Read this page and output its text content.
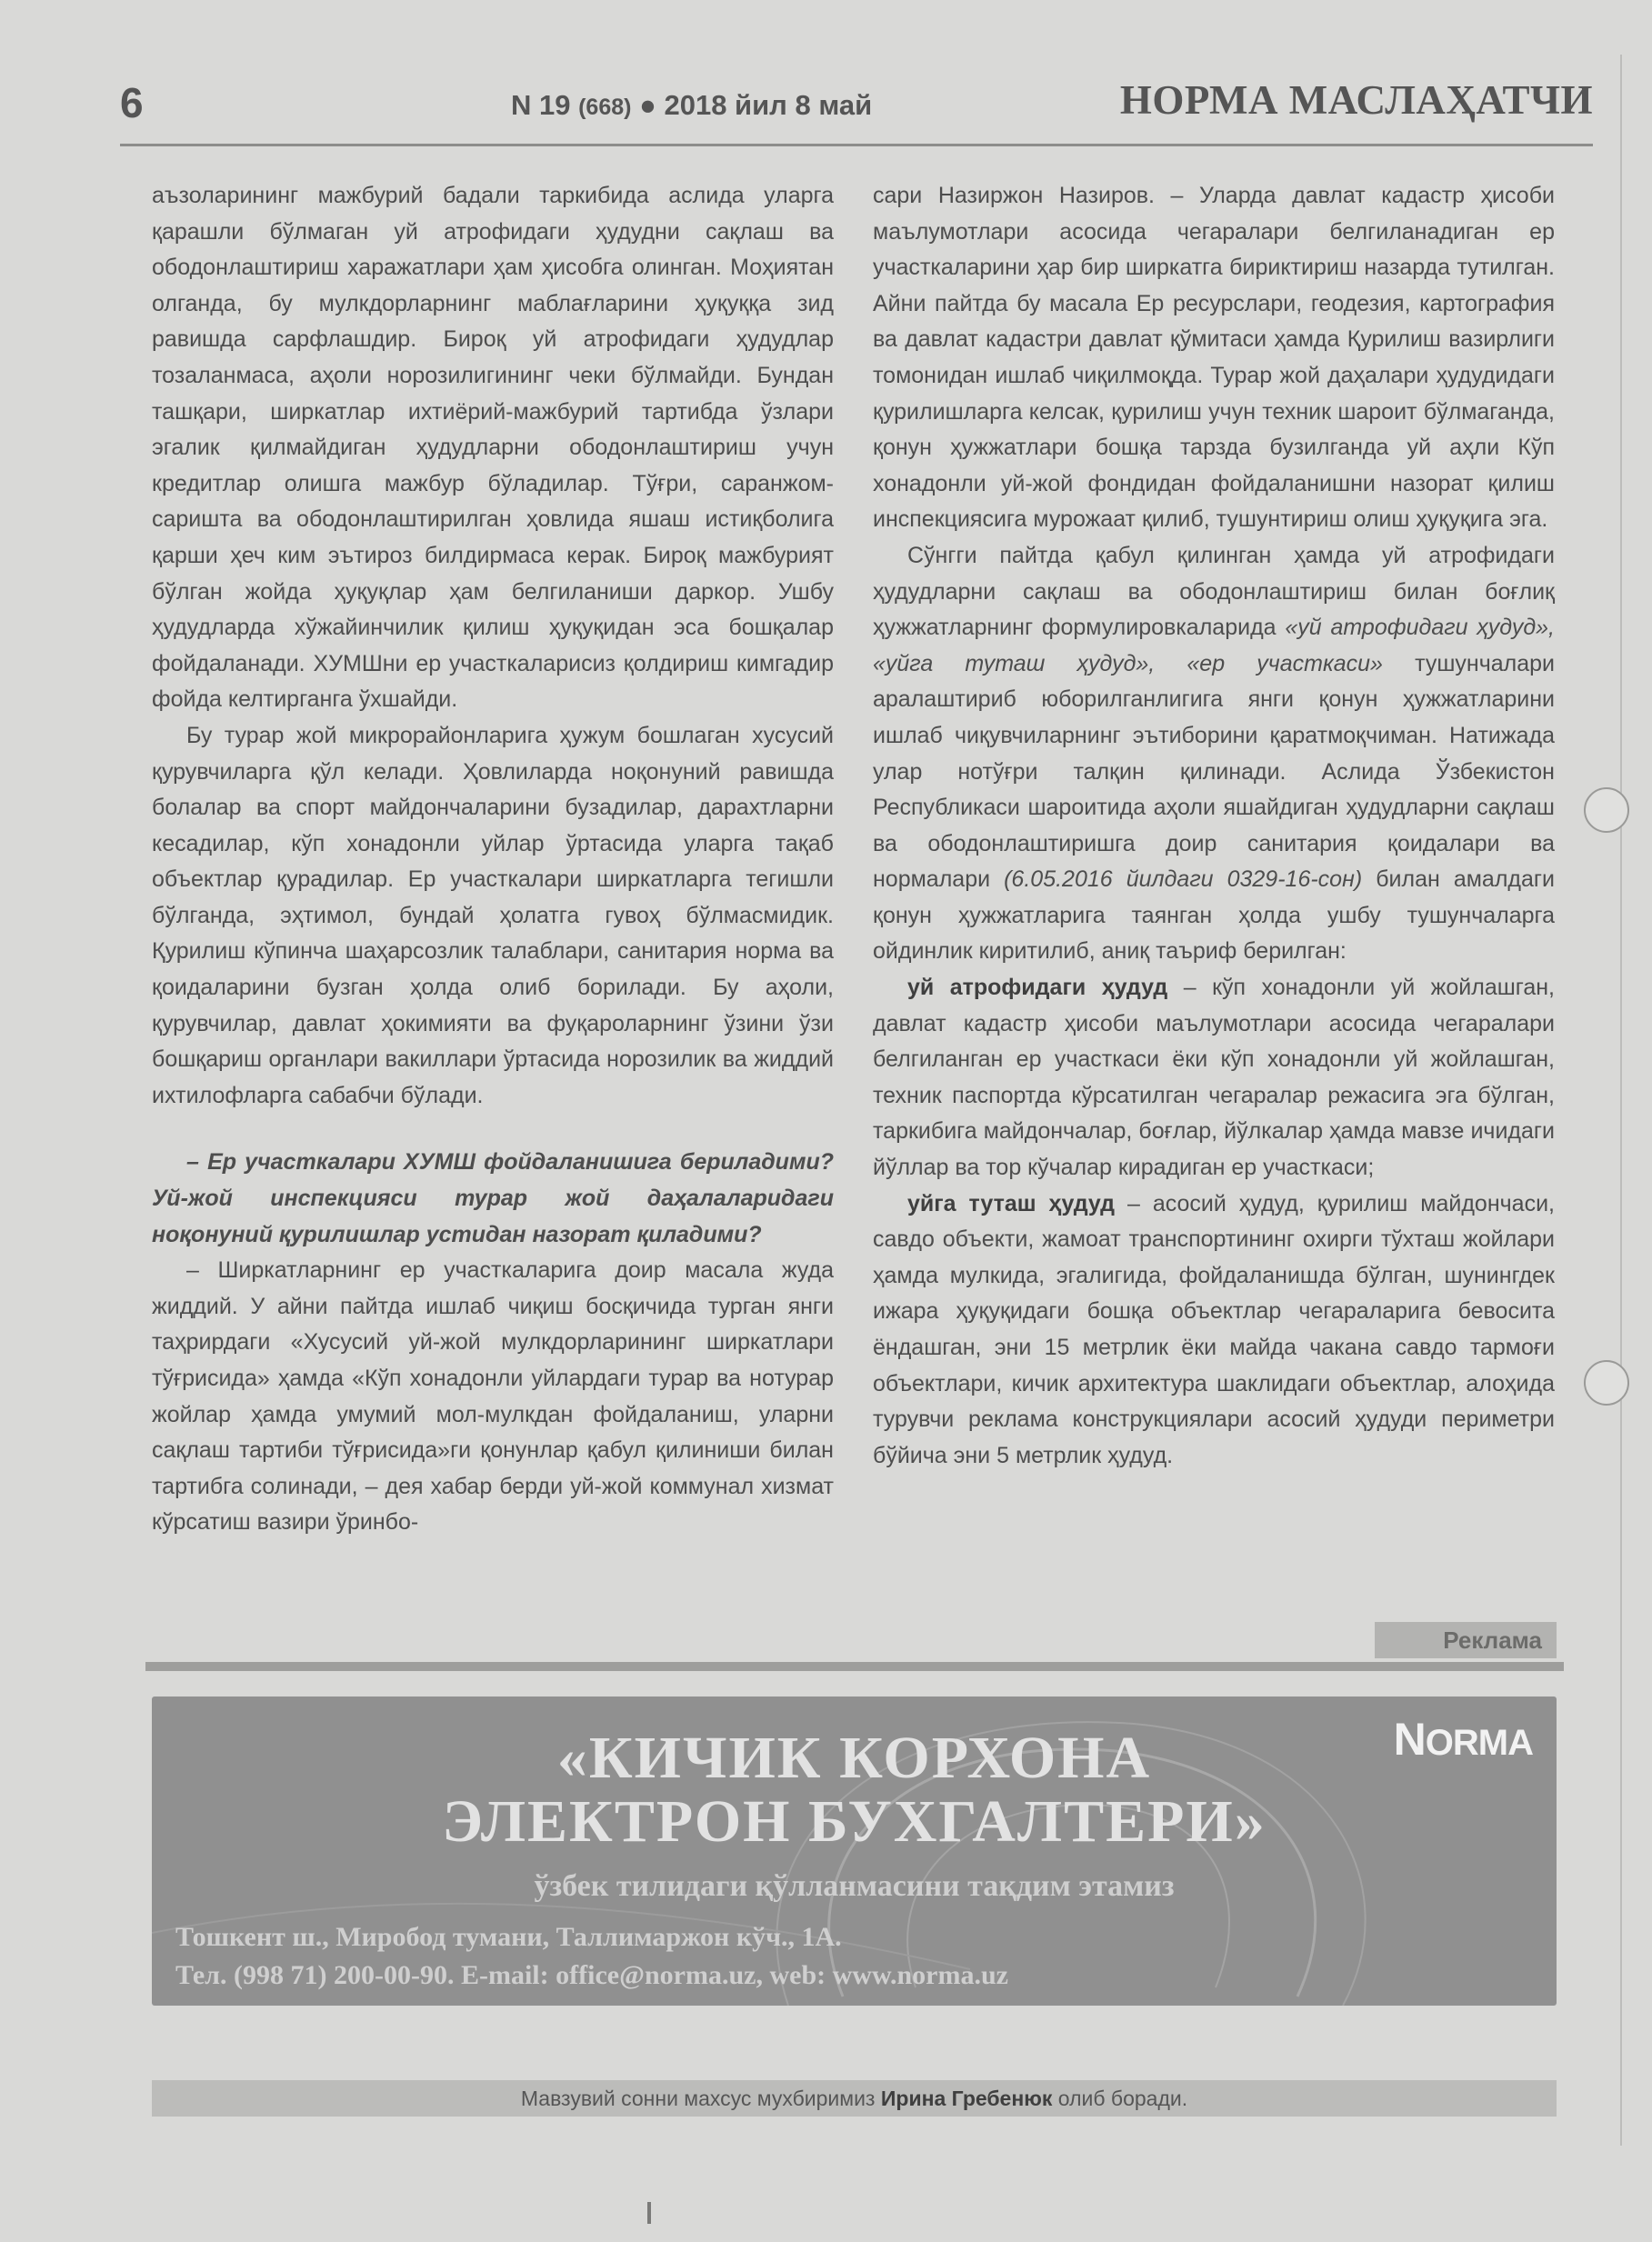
6	N 19 (668) ● 2018 йил 8 май	НОРМА МАСЛАҲАТЧИ

аъзоларининг мажбурий бадали таркибида аслида уларга қарашли бўлмаган уй атрофидаги ҳудудни сақлаш ва ободонлаштириш харажатлари ҳам ҳисобга олинган. Моҳиятан олганда, бу мулкдорларнинг маблағларини ҳуқуққа зид равишда сарфлашдир. Бироқ уй атрофидаги ҳудудлар тозаланмаса, аҳоли норозилигининг чеки бўлмайди. Бундан ташқари, ширкатлар ихтиёрий-мажбурий тартибда ўзлари эгалик қилмайдиган ҳудудларни ободонлаштириш учун кредитлар олишга мажбур бўладилар. Тўғри, саранжом-саришта ва ободонлаштирилган ҳовлида яшаш истиқболига қарши ҳеч ким эътироз билдирмаса керак. Бироқ мажбурият бўлган жойда ҳуқуқлар ҳам белгиланиши даркор. Ушбу ҳудудларда хўжайинчилик қилиш ҳуқуқидан эса бошқалар фойдаланади. ХУМШни ер участкаларисиз қолдириш кимгадир фойда келтирганга ўхшайди.

Бу турар жой микрорайонларига ҳужум бошлаган хусусий қурувчиларга қўл келади. Ҳовлиларда ноқонуний равишда болалар ва спорт майдончаларини бузадилар, дарахтларни кесадилар, кўп хонадонли уйлар ўртасида уларга тақаб объектлар қурадилар. Ер участкалари ширкатларга тегишли бўлганда, эҳтимол, бундай ҳолатга гувоҳ бўлмасмидик. Қурилиш кўпинча шаҳарсозлик талаблари, санитария норма ва қоидаларини бузган ҳолда олиб борилади. Бу аҳоли, қурувчилар, давлат ҳокимияти ва фуқароларнинг ўзини ўзи бошқариш органлари вакиллари ўртасида норозилик ва жиддий ихтилофларга сабабчи бўлади.

– Ер участкалари ХУМШ фойдаланишига бериладими? Уй-жой инспекцияси турар жой даҳалаларидаги ноқонуний қурилишлар устидан назорат қиладими?

– Ширкатларнинг ер участкаларига доир масала жуда жиддий. У айни пайтда ишлаб чиқиш босқичида турган янги таҳрирдаги «Хусусий уй-жой мулкдорларининг ширкатлари тўғрисида» ҳамда «Кўп хонадонли уйлардаги турар ва нотурар жойлар ҳамда умумий мол-мулкдан фойдаланиш, уларни сақлаш тартиби тўғрисида»ги қонунлар қабул қилиниши билан тартибга солинади, – дея хабар берди уй-жой коммунал хизмат кўрсатиш вазири ўринбо-

сари Назиржон Назиров. – Уларда давлат кадастр ҳисоби маълумотлари асосида чегаралари белгиланадиган ер участкаларини ҳар бир ширкатга бириктириш назарда тутилган. Айни пайтда бу масала Ер ресурслари, геодезия, картография ва давлат кадастри давлат қўмитаси ҳамда Қурилиш вазирлиги томонидан ишлаб чиқилмоқда. Турар жой даҳалари ҳудудидаги қурилишларга келсак, қурилиш учун техник шароит бўлмаганда, қонун ҳужжатлари бошқа тарзда бузилганда уй аҳли Кўп хонадонли уй-жой фондидан фойдаланишни назорат қилиш инспекциясига мурожаат қилиб, тушунтириш олиш ҳуқуқига эга.

Сўнгги пайтда қабул қилинган ҳамда уй атрофидаги ҳудудларни сақлаш ва ободонлаштириш билан боғлиқ ҳужжатларнинг формулировкаларида «уй атрофидаги ҳудуд», «уйга туташ ҳудуд», «ер участкаси» тушунчалари аралаштириб юборилганлигига янги қонун ҳужжатларини ишлаб чиқувчиларнинг эътиборини қаратмоқчиман. Натижада улар нотўғри талқин қилинади. Аслида Ўзбекистон Республикаси шароитида аҳоли яшайдиган ҳудудларни сақлаш ва ободонлаштиришга доир санитария қоидалари ва нормалари (6.05.2016 йилдаги 0329-16-сон) билан амалдаги қонун ҳужжатларига таянган ҳолда ушбу тушунчаларга ойдинлик киритилиб, аниқ таъриф берилган:

уй атрофидаги ҳудуд – кўп хонадонли уй жойлашган, давлат кадастр ҳисоби маълумотлари асосида чегаралари белгиланган ер участкаси ёки кўп хонадонли уй жойлашган, техник паспортда кўрсатилган чегаралар режасига эга бўлган, таркибига майдончалар, боғлар, йўлкалар ҳамда мавзе ичидаги йўллар ва тор кўчалар кирадиган ер участкаси;

уйга туташ ҳудуд – асосий ҳудуд, қурилиш майдончаси, савдо объекти, жамоат транспортининг охирги тўхташ жойлари ҳамда мулкида, эгалигида, фойдаланишда бўлган, шунингдек ижара ҳуқуқидаги бошқа объектлар чегараларига бевосита ёндашган, эни 15 метрлик ёки майда чакана савдо тармоғи объектлари, кичик архитектура шаклидаги объектлар, алоҳида турувчи реклама конструкциялари асосий ҳудуди периметри бўйича эни 5 метрлик ҳудуд.

Реклама
NORMA
«КИЧИК КОРХОНА
ЭЛЕКТРОН БУХГАЛТЕРИ»
ўзбек тилидаги қўлланмасини тақдим этамиз
Тошкент ш., Миробод тумани, Таллимаржон кўч., 1А.
Тел. (998 71) 200-00-90. E-mail: office@norma.uz, web: www.norma.uz
Мавзувий сонни махсус мухбиримиз Ирина Гребенюк олиб боради.
